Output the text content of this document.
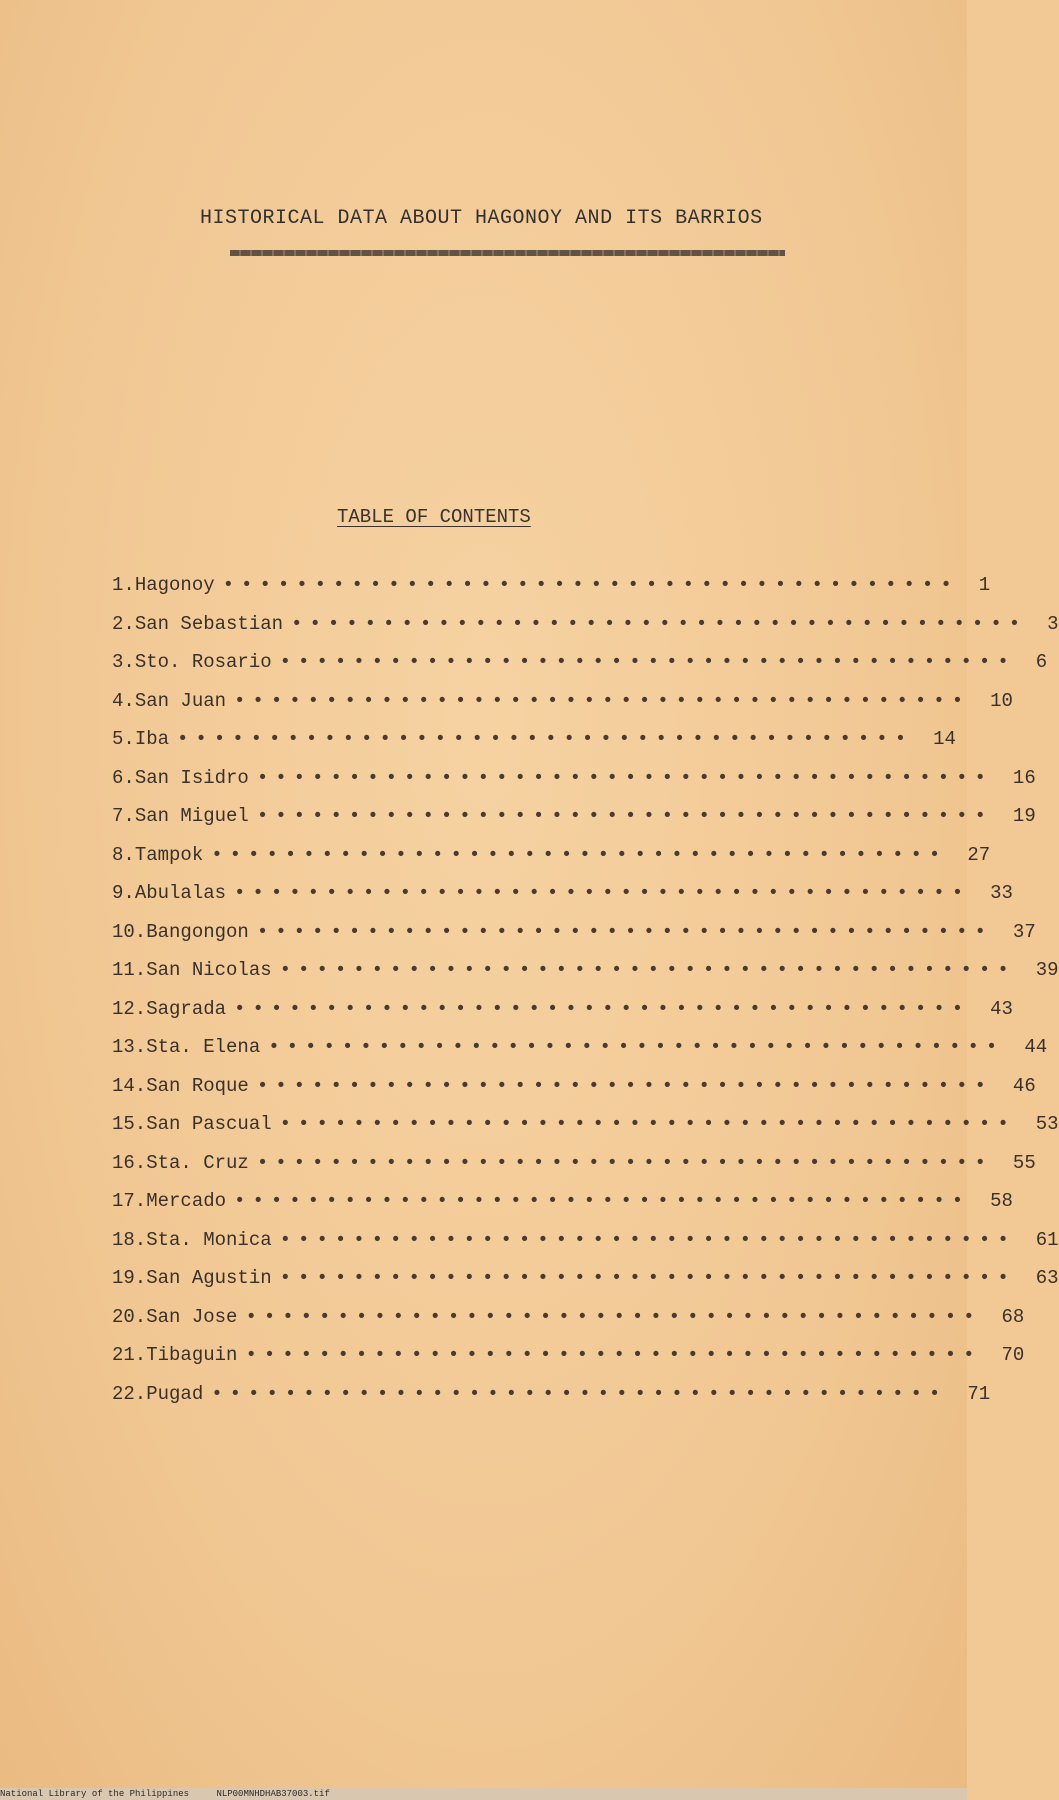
HISTORICAL DATA ABOUT HAGONOY AND ITS BARRIOS
TABLE OF CONTENTS
1. Hagonoy •••••••••••••••••••••••••••••••••••••••• 1
2. San Sebastian •••••••••••••••••••••••••••••••••••••••• 3
3. Sto. Rosario •••••••••••••••••••••••••••••••••••••••• 6
4. San Juan •••••••••••••••••••••••••••••••••••••••• 10
5. Iba •••••••••••••••••••••••••••••••••••••••• 14
6. San Isidro •••••••••••••••••••••••••••••••••••••••• 16
7. San Miguel •••••••••••••••••••••••••••••••••••••••• 19
8. Tampok •••••••••••••••••••••••••••••••••••••••• 27
9. Abulalas •••••••••••••••••••••••••••••••••••••••• 33
10. Bangongon •••••••••••••••••••••••••••••••••••••••• 37
11. San Nicolas •••••••••••••••••••••••••••••••••••••••• 39
12. Sagrada •••••••••••••••••••••••••••••••••••••••• 43
13. Sta. Elena •••••••••••••••••••••••••••••••••••••••• 44
14. San Roque •••••••••••••••••••••••••••••••••••••••• 46
15. San Pascual •••••••••••••••••••••••••••••••••••••••• 53
16. Sta. Cruz •••••••••••••••••••••••••••••••••••••••• 55
17. Mercado •••••••••••••••••••••••••••••••••••••••• 58
18. Sta. Monica •••••••••••••••••••••••••••••••••••••••• 61
19. San Agustin •••••••••••••••••••••••••••••••••••••••• 63
20. San Jose •••••••••••••••••••••••••••••••••••••••• 68
21. Tibaguin •••••••••••••••••••••••••••••••••••••••• 70
22. Pugad •••••••••••••••••••••••••••••••••••••••• 71
National Library of the Philippines	NLP00MNHDHAB37003.tif
